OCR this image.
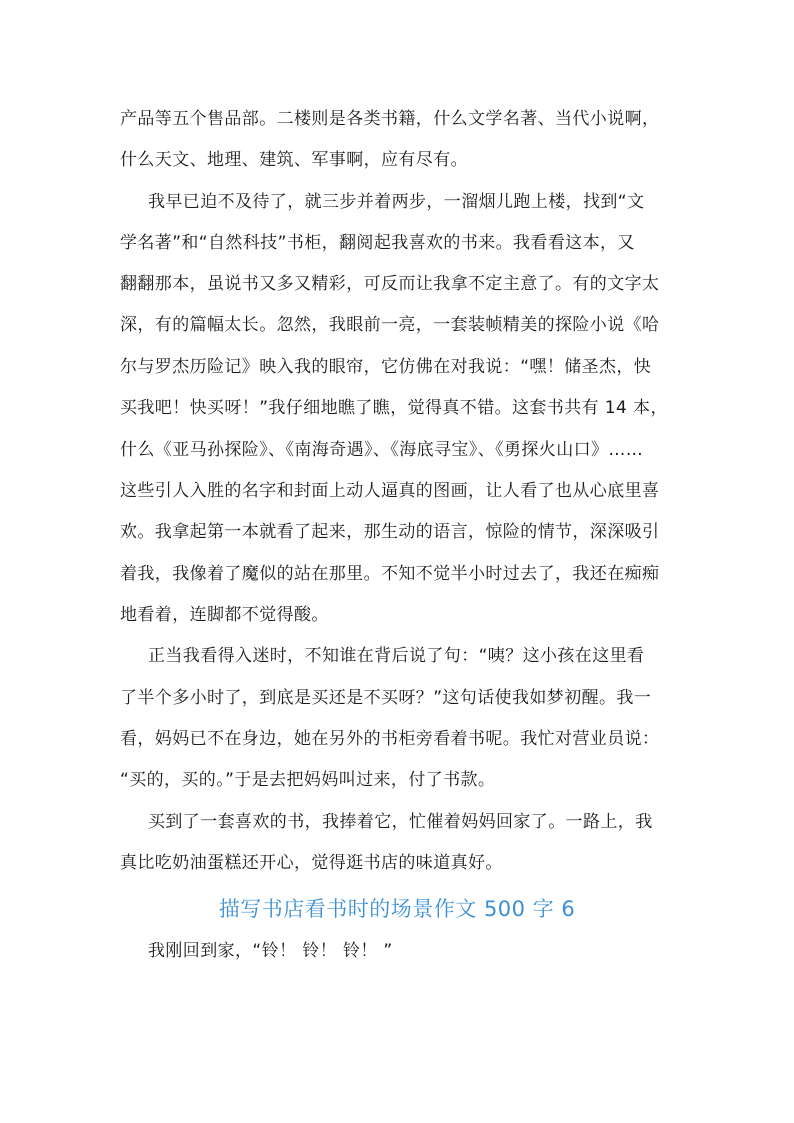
产品等五个售品部。二楼则是各类书籍，什么文学名著、当代小说啊，
什么天文、地理、建筑、军事啊，应有尽有。
我早已迫不及待了，就三步并着两步，一溜烟儿跑上楼，找到“文
学名著”和“自然科技”书柜，翻阅起我喜欢的书来。我看看这本，又
翻翻那本，虽说书又多又精彩，可反而让我拿不定主意了。有的文字太
深，有的篇幅太长。忽然，我眼前一亮，一套装帧精美的探险小说《哈
尔与罗杰历险记》映入我的眼帘，它仿佛在对我说：“嘿！储圣杰，快
买我吧！快买呀！”我仔细地瞧了瞧，觉得真不错。这套书共有 14 本，
什么《亚马孙探险》、《南海奇遇》、《海底寻宝》、《勇探火山口》……
这些引人入胜的名字和封面上动人逼真的图画，让人看了也从心底里喜
欢。我拿起第一本就看了起来，那生动的语言，惊险的情节，深深吸引
着我，我像着了魔似的站在那里。不知不觉半小时过去了，我还在痴痴
地看着，连脚都不觉得酸。
正当我看得入迷时，不知谁在背后说了句：“咦？这小孩在这里看
了半个多小时了，到底是买还是不买呀？”这句话使我如梦初醒。我一
看，妈妈已不在身边，她在另外的书柜旁看着书呢。我忙对营业员说：
“买的，买的。”于是去把妈妈叫过来，付了书款。
买到了一套喜欢的书，我捧着它，忙催着妈妈回家了。一路上，我
真比吃奶油蛋糕还开心，觉得逛书店的味道真好。
描写书店看书时的场景作文 500 字 6
我刚回到家，“铃！ 铃！ 铃！ ”
